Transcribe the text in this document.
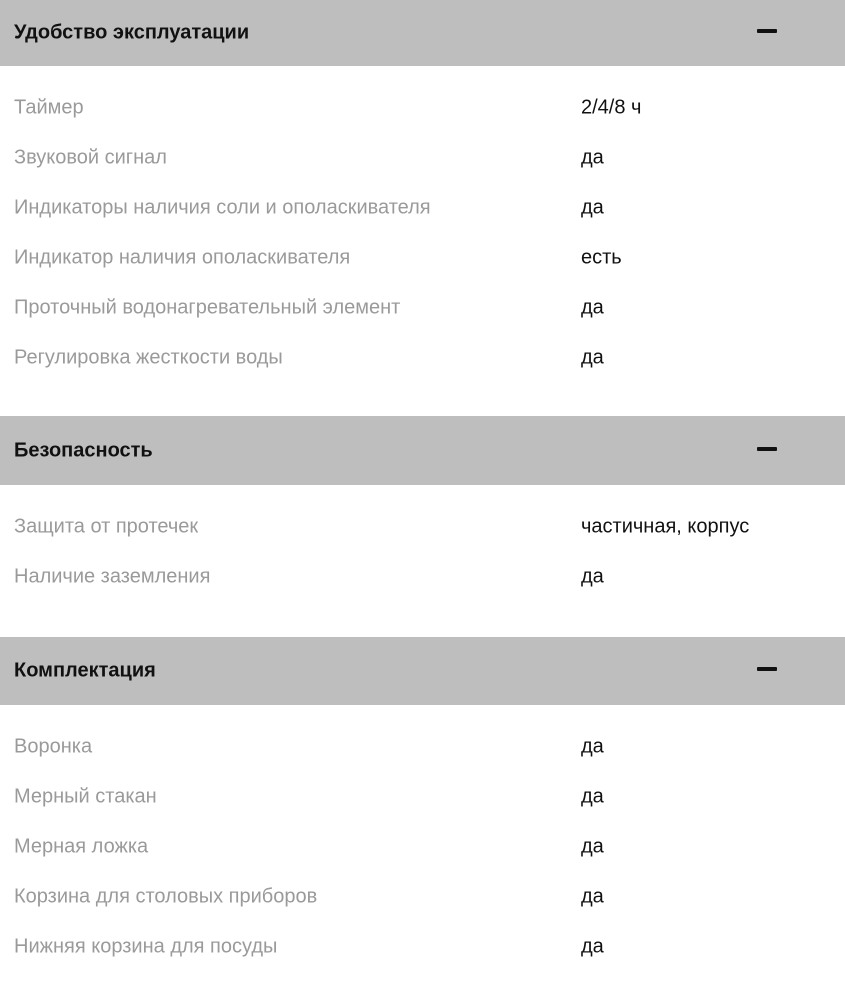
Удобство эксплуатации
Таймер	2/4/8 ч
Звуковой сигнал	да
Индикаторы наличия соли и ополаскивателя	да
Индикатор наличия ополаскивателя	есть
Проточный водонагревательный элемент	да
Регулировка жесткости воды	да
Безопасность
Защита от протечек	частичная, корпус
Наличие заземления	да
Комплектация
Воронка	да
Мерный стакан	да
Мерная ложка	да
Корзина для столовых приборов	да
Нижняя корзина для посуды	да
